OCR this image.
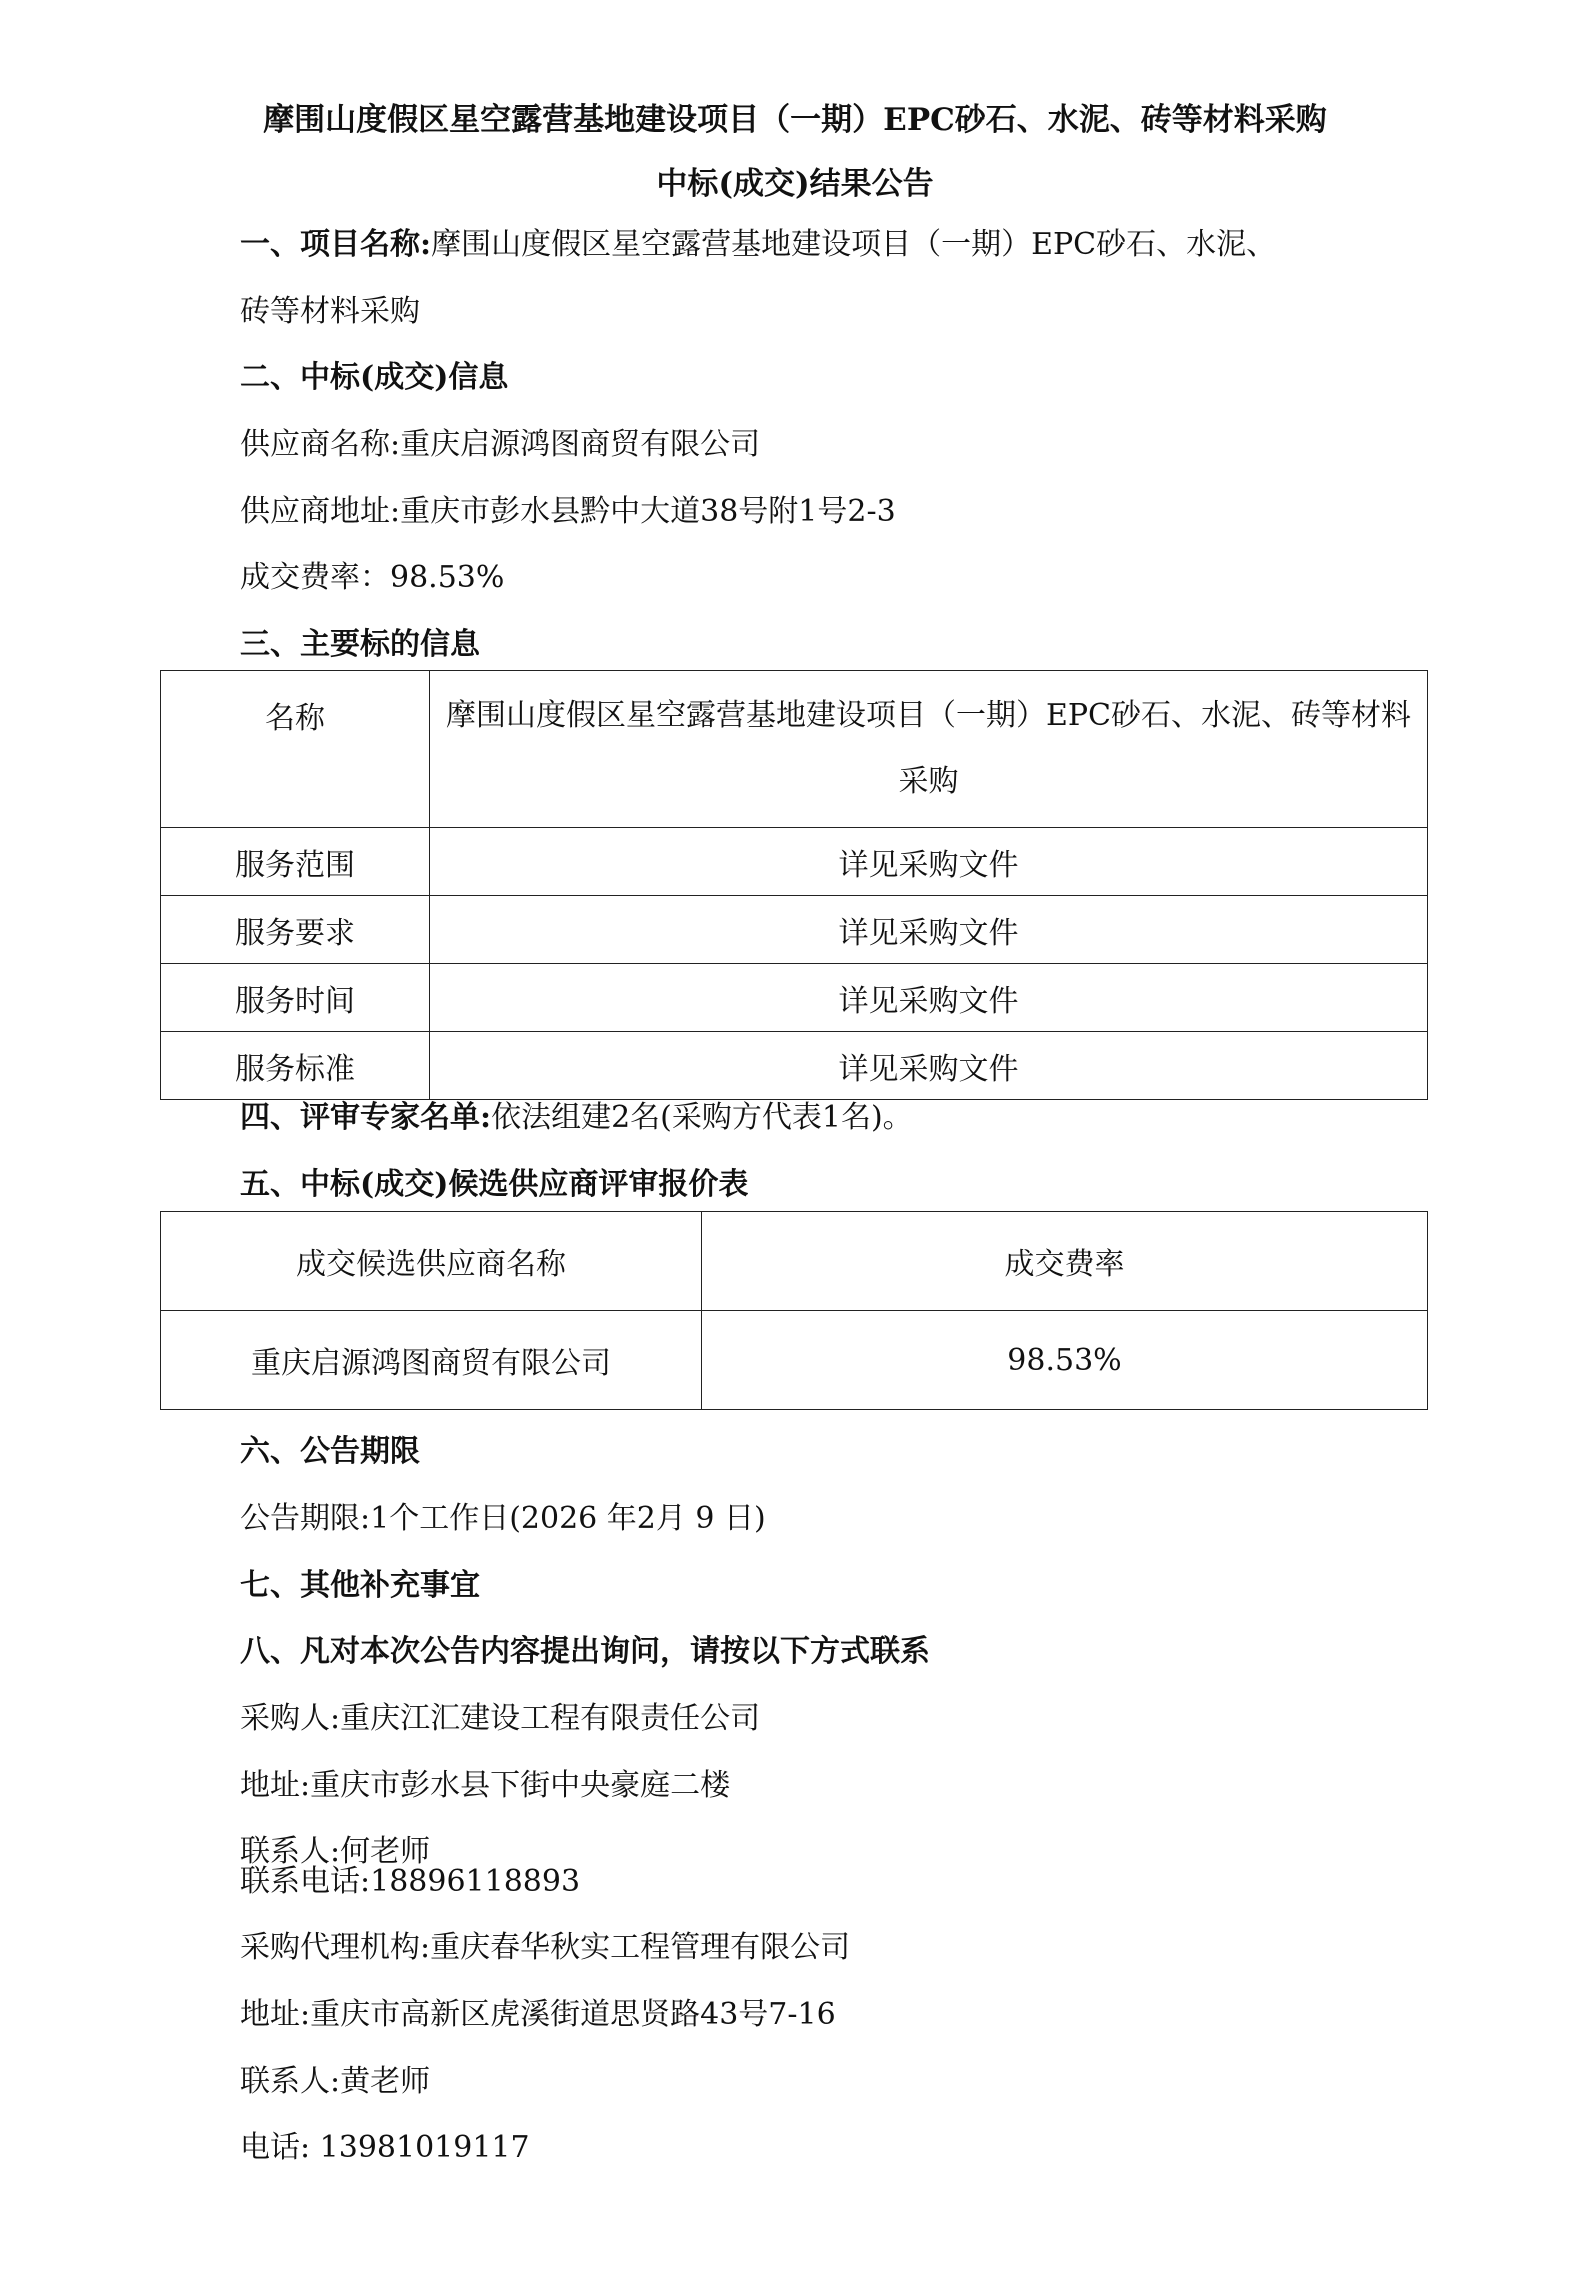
摩围山度假区星空露营基地建设项目（一期）EPC砂石、水泥、砖等材料采购
中标(成交)结果公告
一、项目名称:摩围山度假区星空露营基地建设项目（一期）EPC砂石、水泥、
砖等材料采购
二、中标(成交)信息
供应商名称:重庆启源鸿图商贸有限公司
供应商地址:重庆市彭水县黔中大道38号附1号2-3
成交费率：98.53%
三、主要标的信息
名称	摩围山度假区星空露营基地建设项目（一期）EPC砂石、水泥、砖等材料采购
服务范围	详见采购文件
服务要求	详见采购文件
服务时间	详见采购文件
服务标准	详见采购文件
四、评审专家名单:依法组建2名(采购方代表1名)。
五、中标(成交)候选供应商评审报价表
成交候选供应商名称	成交费率
重庆启源鸿图商贸有限公司	98.53%
六、公告期限
公告期限:1个工作日(2026 年2月 9 日)
七、其他补充事宜
八、凡对本次公告内容提出询问，请按以下方式联系
采购人:重庆江汇建设工程有限责任公司
地址:重庆市彭水县下街中央豪庭二楼
联系人:何老师
联系电话:18896118893
采购代理机构:重庆春华秋实工程管理有限公司
地址:重庆市高新区虎溪街道思贤路43号7-16
联系人:黄老师
电话: 13981019117
